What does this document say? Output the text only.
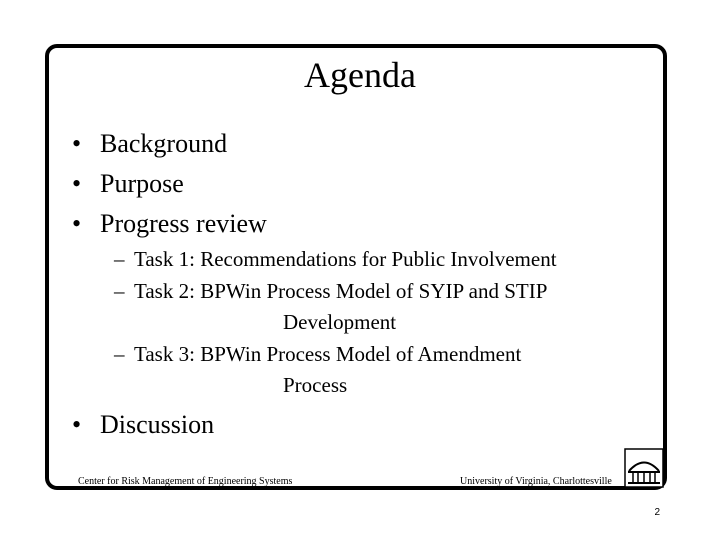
Agenda
• Background
• Purpose
• Progress review
– Task 1: Recommendations for Public Involvement
– Task 2: BPWin Process Model of SYIP and STIP
Development
– Task 3: BPWin Process Model of Amendment
Process
• Discussion
Center for Risk Management of Engineering Systems	University of Virginia, Charlottesville
2
